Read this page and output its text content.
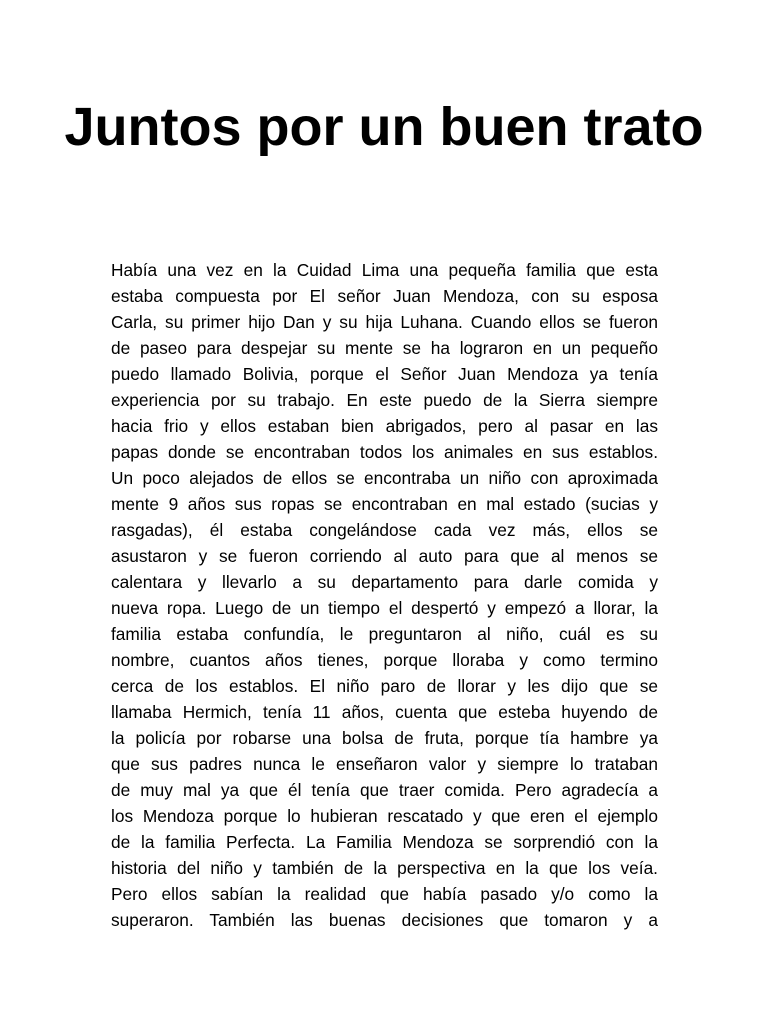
Juntos por un buen trato
Había una vez en la Cuidad Lima una pequeña familia que esta
estaba compuesta por El señor Juan Mendoza, con su esposa
Carla, su primer hijo Dan y su hija Luhana. Cuando ellos se fueron
de paseo para despejar su mente se ha lograron en un pequeño
puedo llamado Bolivia, porque el Señor Juan Mendoza ya tenía
experiencia por su trabajo. En este puedo de la Sierra siempre
hacia frio y ellos estaban bien abrigados, pero al pasar en las
papas donde se encontraban todos los animales en sus establos.
Un poco alejados de ellos se encontraba un niño con aproximada
mente 9 años sus ropas se encontraban en mal estado (sucias y
rasgadas), él estaba congelándose cada vez más, ellos se
asustaron y se fueron corriendo al auto para que al menos se
calentara y llevarlo a su departamento para darle comida y
nueva ropa. Luego de un tiempo el despertó y empezó a llorar, la
familia estaba confundía, le preguntaron al niño, cuál es su
nombre, cuantos años tienes, porque lloraba y como termino
cerca de los establos. El niño paro de llorar y les dijo que se
llamaba Hermich, tenía 11 años, cuenta que esteba huyendo de
la policía por robarse una bolsa de fruta, porque tía hambre ya
que sus padres nunca le enseñaron valor y siempre lo trataban
de muy mal ya que él tenía que traer comida. Pero agradecía a
los Mendoza porque lo hubieran rescatado y que eren el ejemplo
de la familia Perfecta. La Familia Mendoza se sorprendió con la
historia del niño y también de la perspectiva en la que los veía.
Pero ellos sabían la realidad que había pasado y/o como la
superaron. También las buenas decisiones que tomaron y a
